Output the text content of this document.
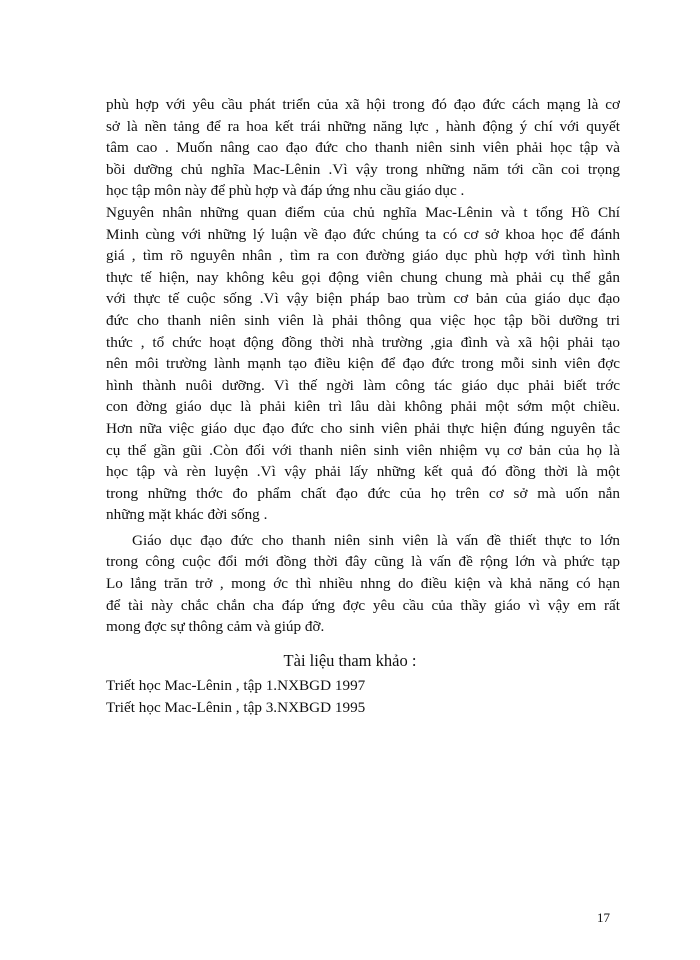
phù hợp với yêu cầu phát triển của xã hội trong đó đạo đức cách mạng là cơ
sở là nền tảng để ra hoa kết trái những năng lực , hành động ý chí với quyết
tâm cao . Muốn nâng cao đạo đức cho thanh niên sinh viên phải học tập và
bồi dưỡng chủ nghĩa Mac-Lênin .Vì vậy trong những năm tới cần coi trọng
học tập môn này để phù hợp và đáp ứng nhu cầu giáo dục .
Nguyên nhân những quan điểm của chủ nghĩa Mac-Lênin và t tổng Hồ Chí
Minh cùng với những lý luận về đạo đức chúng ta có cơ sở khoa học để đánh
giá , tìm rõ nguyên nhân , tìm ra con đường giáo dục phù hợp với tình hình
thực tế hiện, nay không kêu gọi động viên chung chung mà phải cụ thể gắn
với thực tế cuộc sống .Vì vậy biện pháp bao trùm cơ bản của giáo dục đạo
đức cho thanh niên sinh viên là phải thông qua việc học tập bồi dưỡng tri
thức , tổ chức hoạt động đồng thời nhà trường ,gia đình và xã hội phải tạo
nên môi trường lành mạnh tạo điều kiện để đạo đức trong mỗi sinh viên đợc
hình thành nuôi dưỡng. Vì thế ngời làm công tác giáo dục phải biết trớc
con đờng giáo dục là phải kiên trì lâu dài không phải một sớm một chiều.
Hơn nữa việc giáo dục đạo đức cho sinh viên phải thực hiện đúng nguyên tắc
cụ thể gần gũi .Còn đối với thanh niên sinh viên nhiệm vụ cơ bản của họ là
học tập và rèn luyện .Vì vậy phải lấy những kết quả đó đồng thời là một
trong những thớc đo phẩm chất đạo đức của họ trên cơ sở mà uốn nắn
những mặt khác đời sống .
Giáo dục đạo đức cho thanh niên sinh viên là vấn đề thiết thực to lớn
trong công cuộc đổi mới đồng thời đây cũng là vấn đề rộng lớn và phức tạp
Lo lắng trăn trở , mong ớc thì nhiều nhng do điều kiện và khả năng có hạn
để tài này chắc chắn cha đáp ứng đợc yêu cầu của thầy giáo vì vậy em rất
mong đợc sự thông cảm và giúp đỡ.
Tài liệu tham khảo :
Triết học Mac-Lênin , tập 1.NXBGD 1997
Triết học Mac-Lênin , tập 3.NXBGD 1995
17
